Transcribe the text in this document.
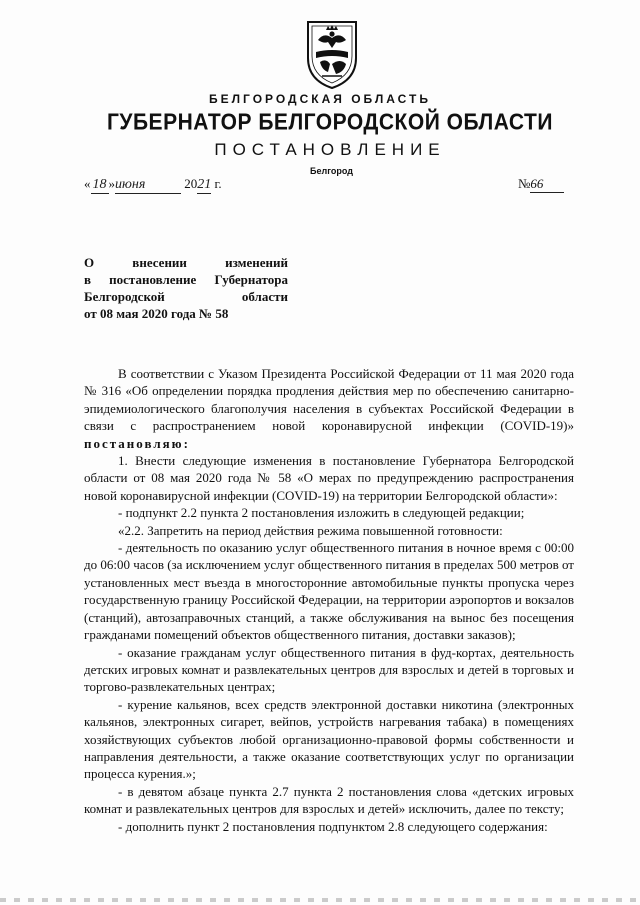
БЕЛГОРОДСКАЯ ОБЛАСТЬ
ГУБЕРНАТОР БЕЛГОРОДСКОЙ ОБЛАСТИ
ПОСТАНОВЛЕНИЕ
Белгород
« 18 »июня	2021 г.	№66
О внесении изменений
в постановление Губернатора
Белгородской области
от 08 мая 2020 года № 58

В соответствии с Указом Президента Российской Федерации от 11 мая 2020 года № 316 «Об определении порядка продления действия мер по обеспечению санитарно-эпидемиологического благополучия населения в субъектах Российской Федерации в связи с распространением новой коронавирусной инфекции (COVID-19)» постановляю:

1. Внести следующие изменения в постановление Губернатора Белгородской области от 08 мая 2020 года № 58 «О мерах по предупреждению распространения новой коронавирусной инфекции (COVID-19) на территории Белгородской области»:

- подпункт 2.2 пункта 2 постановления изложить в следующей редакции;

«2.2. Запретить на период действия режима повышенной готовности:

- деятельность по оказанию услуг общественного питания в ночное время с 00:00 до 06:00 часов (за исключением услуг общественного питания в пределах 500 метров от установленных мест въезда в многосторонние автомобильные пункты пропуска через государственную границу Российской Федерации, на территории аэропортов и вокзалов (станций), автозаправочных станций, а также обслуживания на вынос без посещения гражданами помещений объектов общественного питания, доставки заказов);

- оказание гражданам услуг общественного питания в фуд-кортах, деятельность детских игровых комнат и развлекательных центров для взрослых и детей в торговых и торгово-развлекательных центрах;

- курение кальянов, всех средств электронной доставки никотина (электронных кальянов, электронных сигарет, вейпов, устройств нагревания табака) в помещениях хозяйствующих субъектов любой организационно-правовой формы собственности и направления деятельности, а также оказание соответствующих услуг по организации процесса курения.»;

- в девятом абзаце пункта 2.7 пункта 2 постановления слова «детских игровых комнат и развлекательных центров для взрослых и детей» исключить, далее по тексту;

- дополнить пункт 2 постановления подпунктом 2.8 следующего содержания:
